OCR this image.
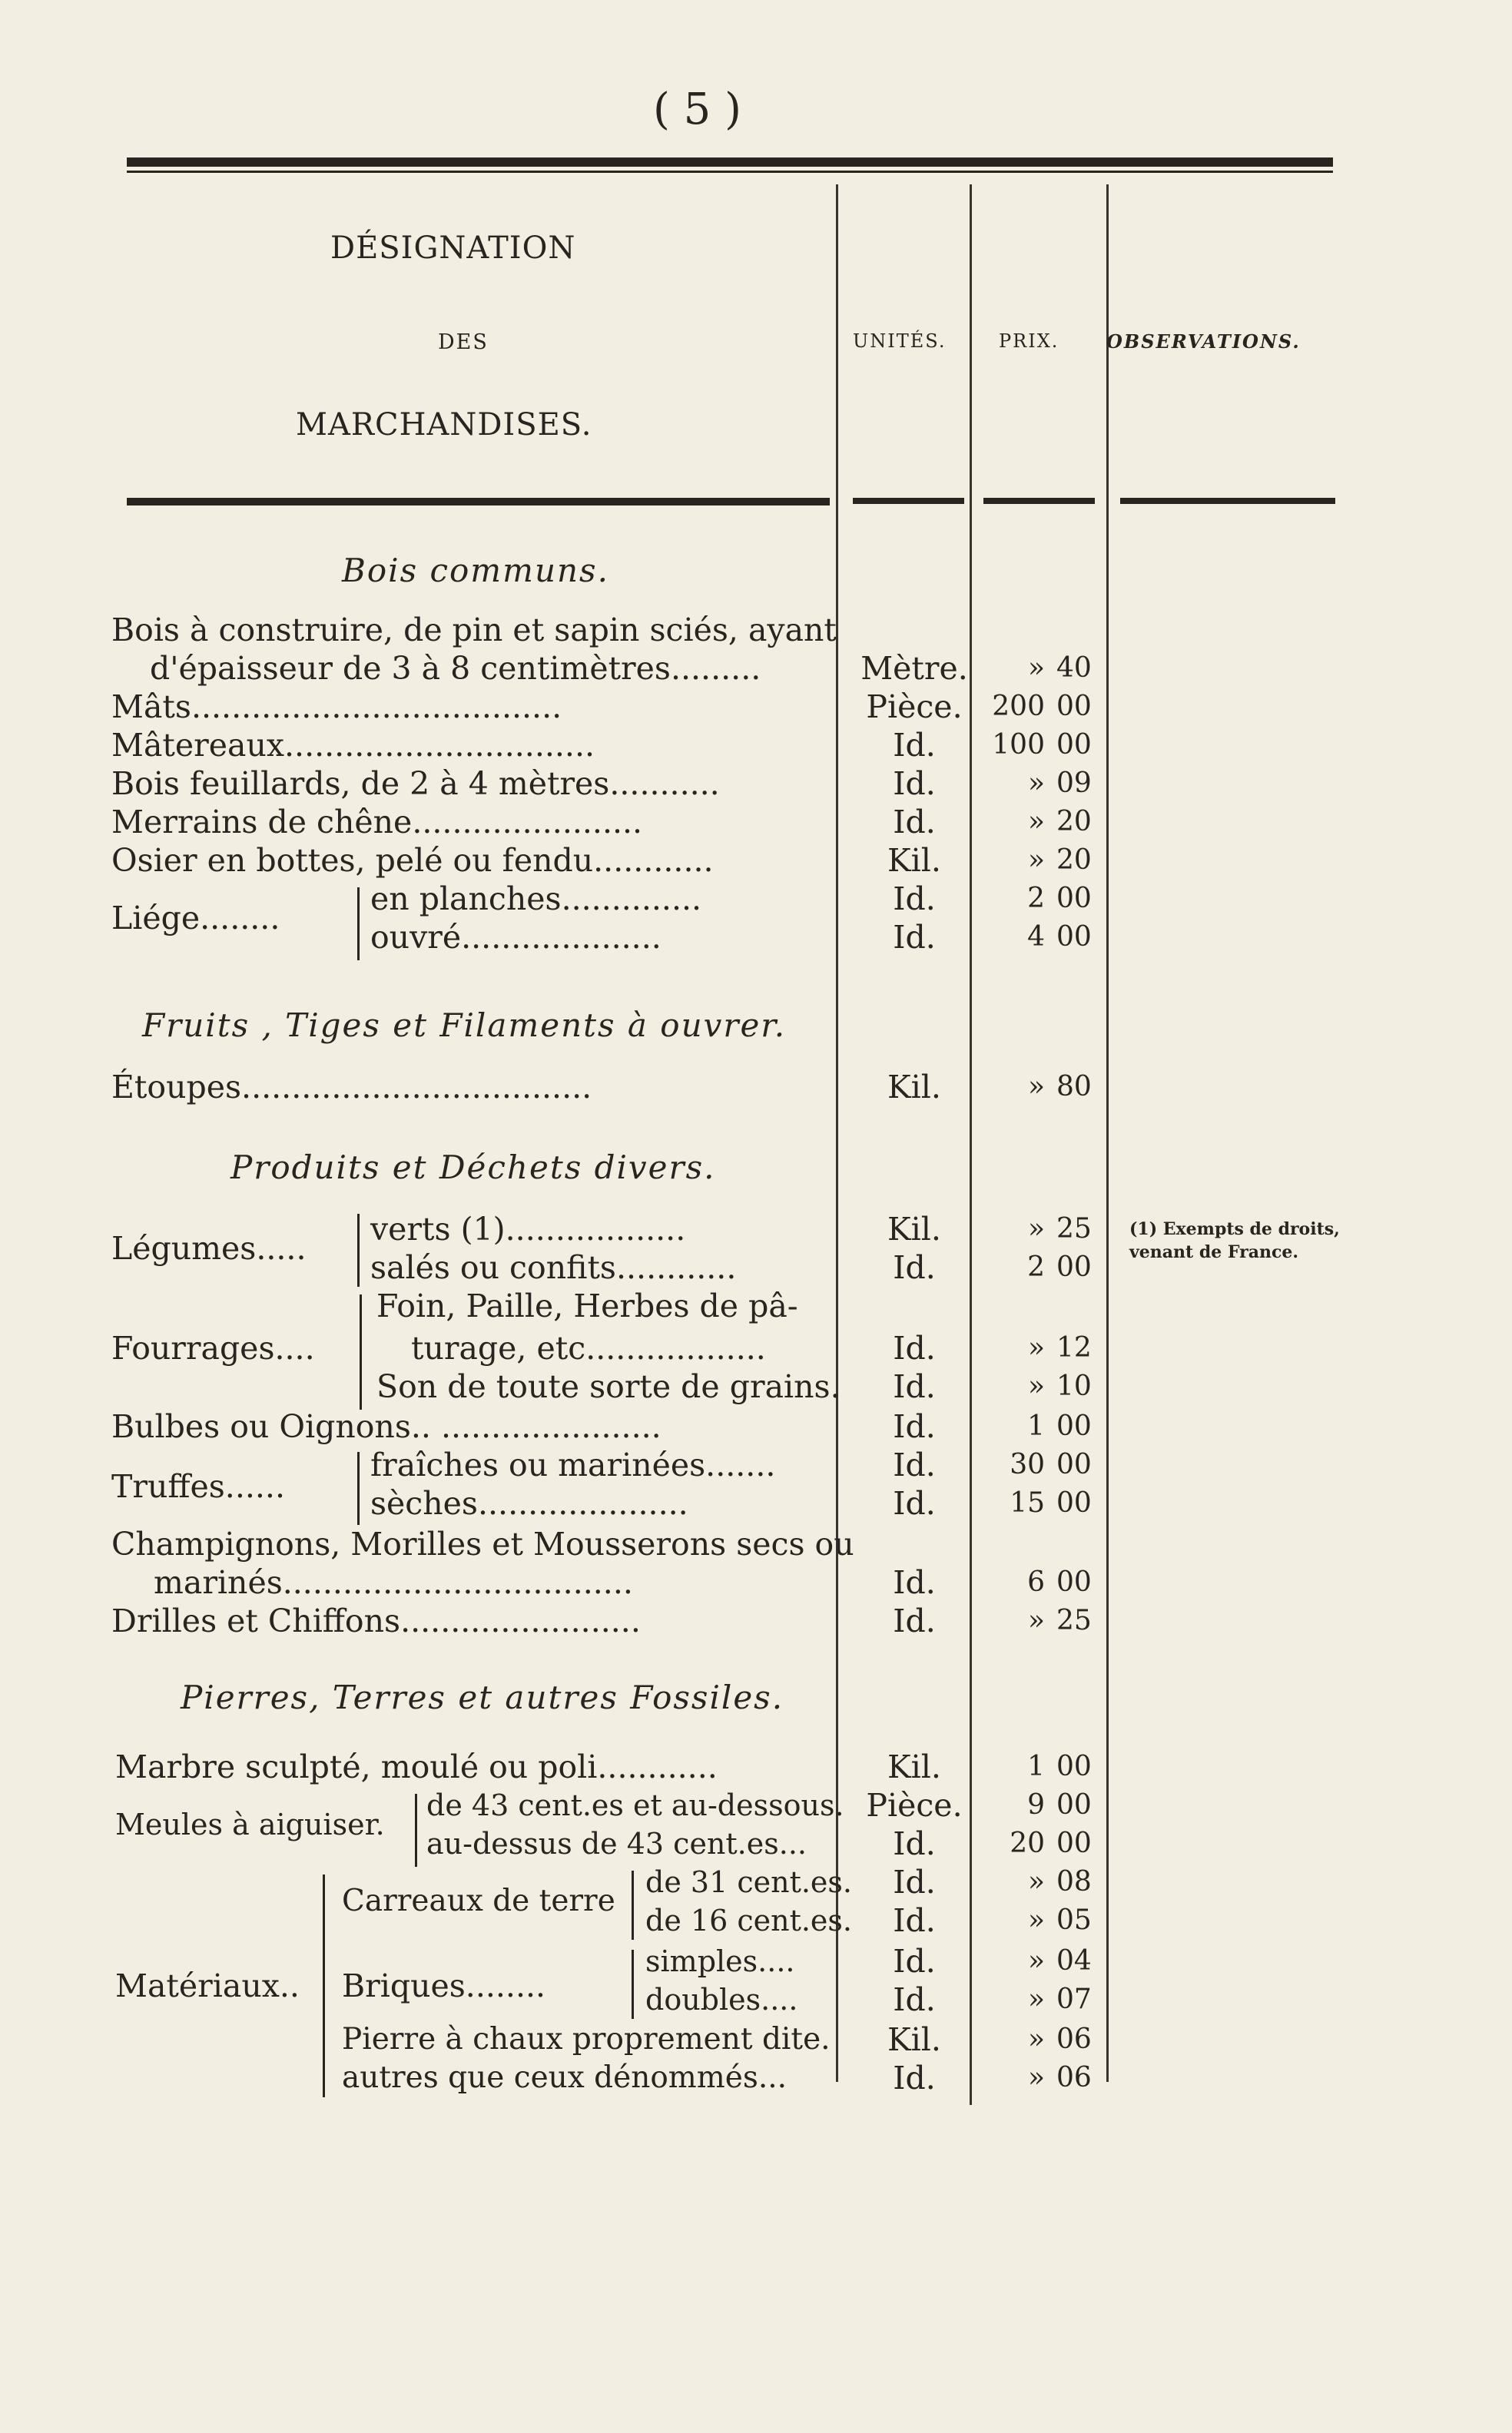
( 5 )
DÉSIGNATION
DES
MARCHANDISES.
UNITÉS.	PRIX.	OBSERVATIONS.
Bois communs.
Bois à construire, de pin et sapin sciés, ayant
d'épaisseur de 3 à 8 centimètres.........	Mètre.	» 40
Mâts.....................................	Pièce.	200 00
Mâtereaux...............................	Id.	100 00
Bois feuillards, de 2 à 4 mètres...........	Id.	» 09
Merrains de chêne.......................	Id.	» 20
Osier en bottes, pelé ou fendu............	Kil.	» 20
Liége........
en planches..............	Id.	2 00
ouvré....................	Id.	4 00
Fruits , Tiges et Filaments à ouvrer.
Étoupes...................................	Kil.	» 80
Produits et Déchets divers.
Légumes.....
verts (1)..................	Kil.	» 25
salés ou confits............	Id.	2 00
(1) Exempts de droits, venant de France.
Fourrages....
Foin, Paille, Herbes de pâ-
turage, etc..................	Id.	» 12
Son de toute sorte de grains.	Id.	» 10
Bulbes ou Oignons.. ......................	Id.	1 00
Truffes......
fraîches ou marinées.......	Id.	30 00
sèches.....................	Id.	15 00
Champignons, Morilles et Mousserons secs ou
marinés...................................	Id.	6 00
Drilles et Chiffons........................	Id.	» 25
Pierres, Terres et autres Fossiles.
Marbre sculpté, moulé ou poli............	Kil.	1 00
Meules à aiguiser.
de 43 cent.es et au-dessous. Pièce.	9 00
au-dessus de 43 cent.es...	Id.	20 00
Matériaux..
Carreaux de terre
de 31 cent.es.	Id.	» 08
de 16 cent.es.	Id.	» 05
Briques........
simples....	Id.	» 04
doubles....	Id.	» 07
Pierre à chaux proprement dite.	Kil.	» 06
autres que ceux dénommés...	Id.	» 06
